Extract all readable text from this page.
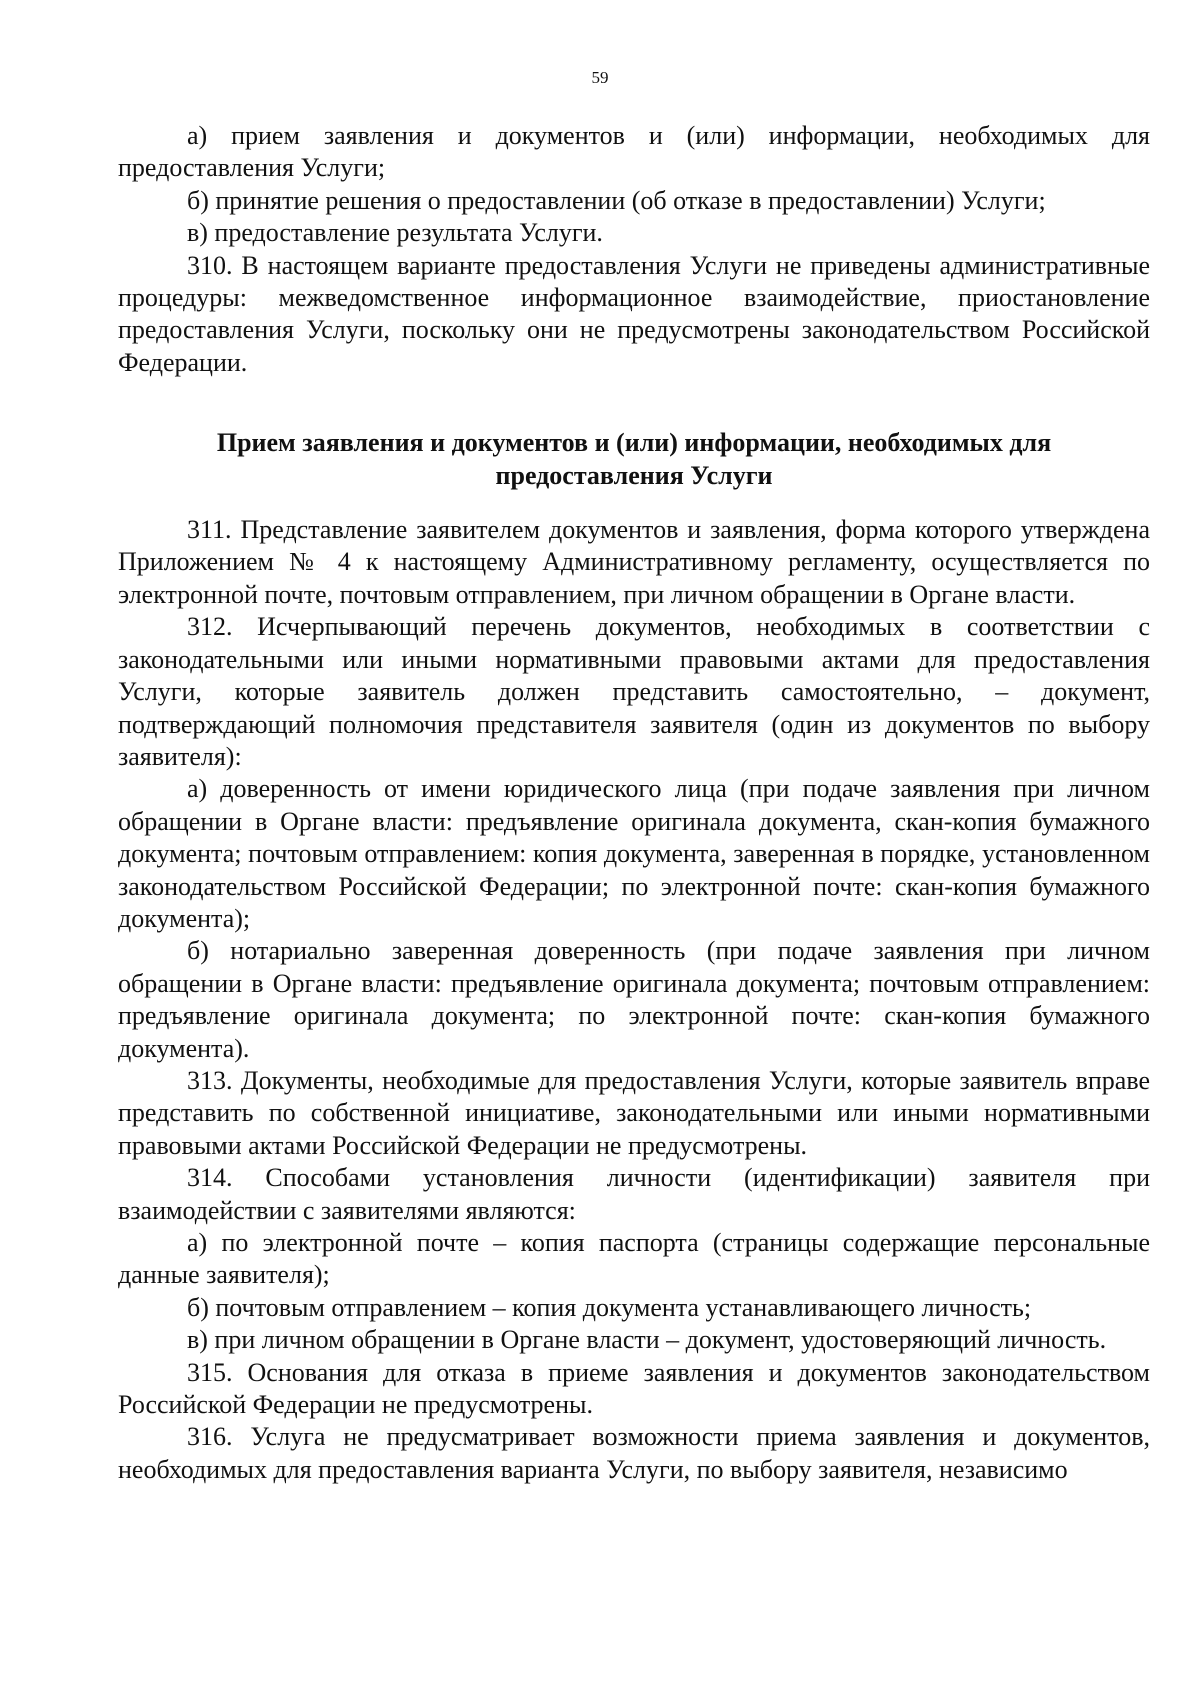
59

а) прием заявления и документов и (или) информации, необходимых для предоставления Услуги;

б) принятие решения о предоставлении (об отказе в предоставлении) Услуги;

в) предоставление результата Услуги.

310. В настоящем варианте предоставления Услуги не приведены административные процедуры: межведомственное информационное взаимодействие, приостановление предоставления Услуги, поскольку они не предусмотрены законодательством Российской Федерации.

Прием заявления и документов и (или) информации, необходимых для
предоставления Услуги

311. Представление заявителем документов и заявления, форма которого утверждена Приложением № 4 к настоящему Административному регламенту, осуществляется по электронной почте, почтовым отправлением, при личном обращении в Органе власти.

312. Исчерпывающий перечень документов, необходимых в соответствии с законодательными или иными нормативными правовыми актами для предоставления Услуги, которые заявитель должен представить самостоятельно, – документ, подтверждающий полномочия представителя заявителя (один из документов по выбору заявителя):

а) доверенность от имени юридического лица (при подаче заявления при личном обращении в Органе власти: предъявление оригинала документа, скан-копия бумажного документа; почтовым отправлением: копия документа, заверенная в порядке, установленном законодательством Российской Федерации; по электронной почте: скан-копия бумажного документа);

б) нотариально заверенная доверенность (при подаче заявления при личном обращении в Органе власти: предъявление оригинала документа; почтовым отправлением: предъявление оригинала документа; по электронной почте: скан-копия бумажного документа).

313. Документы, необходимые для предоставления Услуги, которые заявитель вправе представить по собственной инициативе, законодательными или иными нормативными правовыми актами Российской Федерации не предусмотрены.

314. Способами установления личности (идентификации) заявителя при взаимодействии с заявителями являются:

а) по электронной почте – копия паспорта (страницы содержащие персональные данные заявителя);

б) почтовым отправлением – копия документа устанавливающего личность;

в) при личном обращении в Органе власти – документ, удостоверяющий личность.

315. Основания для отказа в приеме заявления и документов законодательством Российской Федерации не предусмотрены.

316. Услуга не предусматривает возможности приема заявления и документов, необходимых для предоставления варианта Услуги, по выбору заявителя, независимо
